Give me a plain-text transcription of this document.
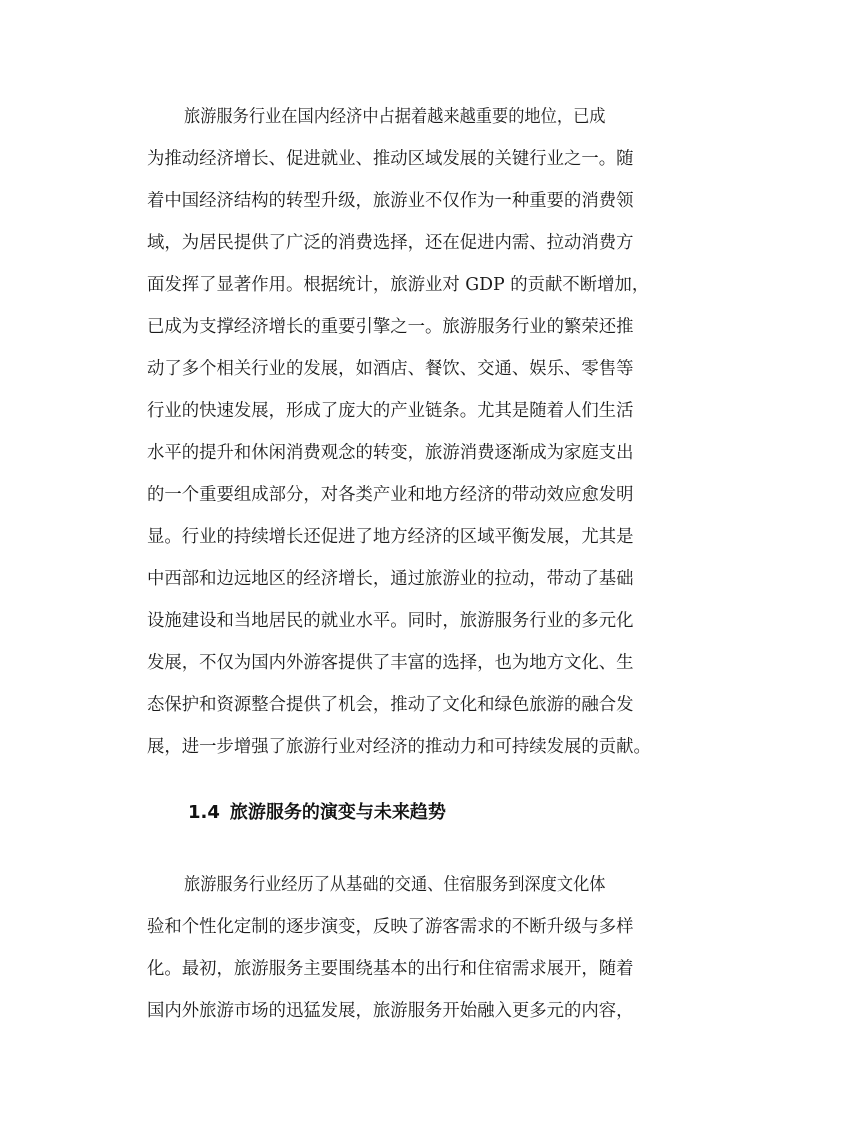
旅游服务行业在国内经济中占据着越来越重要的地位，已成
为推动经济增长、促进就业、推动区域发展的关键行业之一。随
着中国经济结构的转型升级，旅游业不仅作为一种重要的消费领
域，为居民提供了广泛的消费选择，还在促进内需、拉动消费方
面发挥了显著作用。根据统计，旅游业对 GDP 的贡献不断增加，
已成为支撑经济增长的重要引擎之一。旅游服务行业的繁荣还推
动了多个相关行业的发展，如酒店、餐饮、交通、娱乐、零售等
行业的快速发展，形成了庞大的产业链条。尤其是随着人们生活
水平的提升和休闲消费观念的转变，旅游消费逐渐成为家庭支出
的一个重要组成部分，对各类产业和地方经济的带动效应愈发明
显。行业的持续增长还促进了地方经济的区域平衡发展，尤其是
中西部和边远地区的经济增长，通过旅游业的拉动，带动了基础
设施建设和当地居民的就业水平。同时，旅游服务行业的多元化
发展，不仅为国内外游客提供了丰富的选择，也为地方文化、生
态保护和资源整合提供了机会，推动了文化和绿色旅游的融合发
展，进一步增强了旅游行业对经济的推动力和可持续发展的贡献。
1.4 旅游服务的演变与未来趋势
旅游服务行业经历了从基础的交通、住宿服务到深度文化体
验和个性化定制的逐步演变，反映了游客需求的不断升级与多样
化。最初，旅游服务主要围绕基本的出行和住宿需求展开，随着
国内外旅游市场的迅猛发展，旅游服务开始融入更多元的内容，
